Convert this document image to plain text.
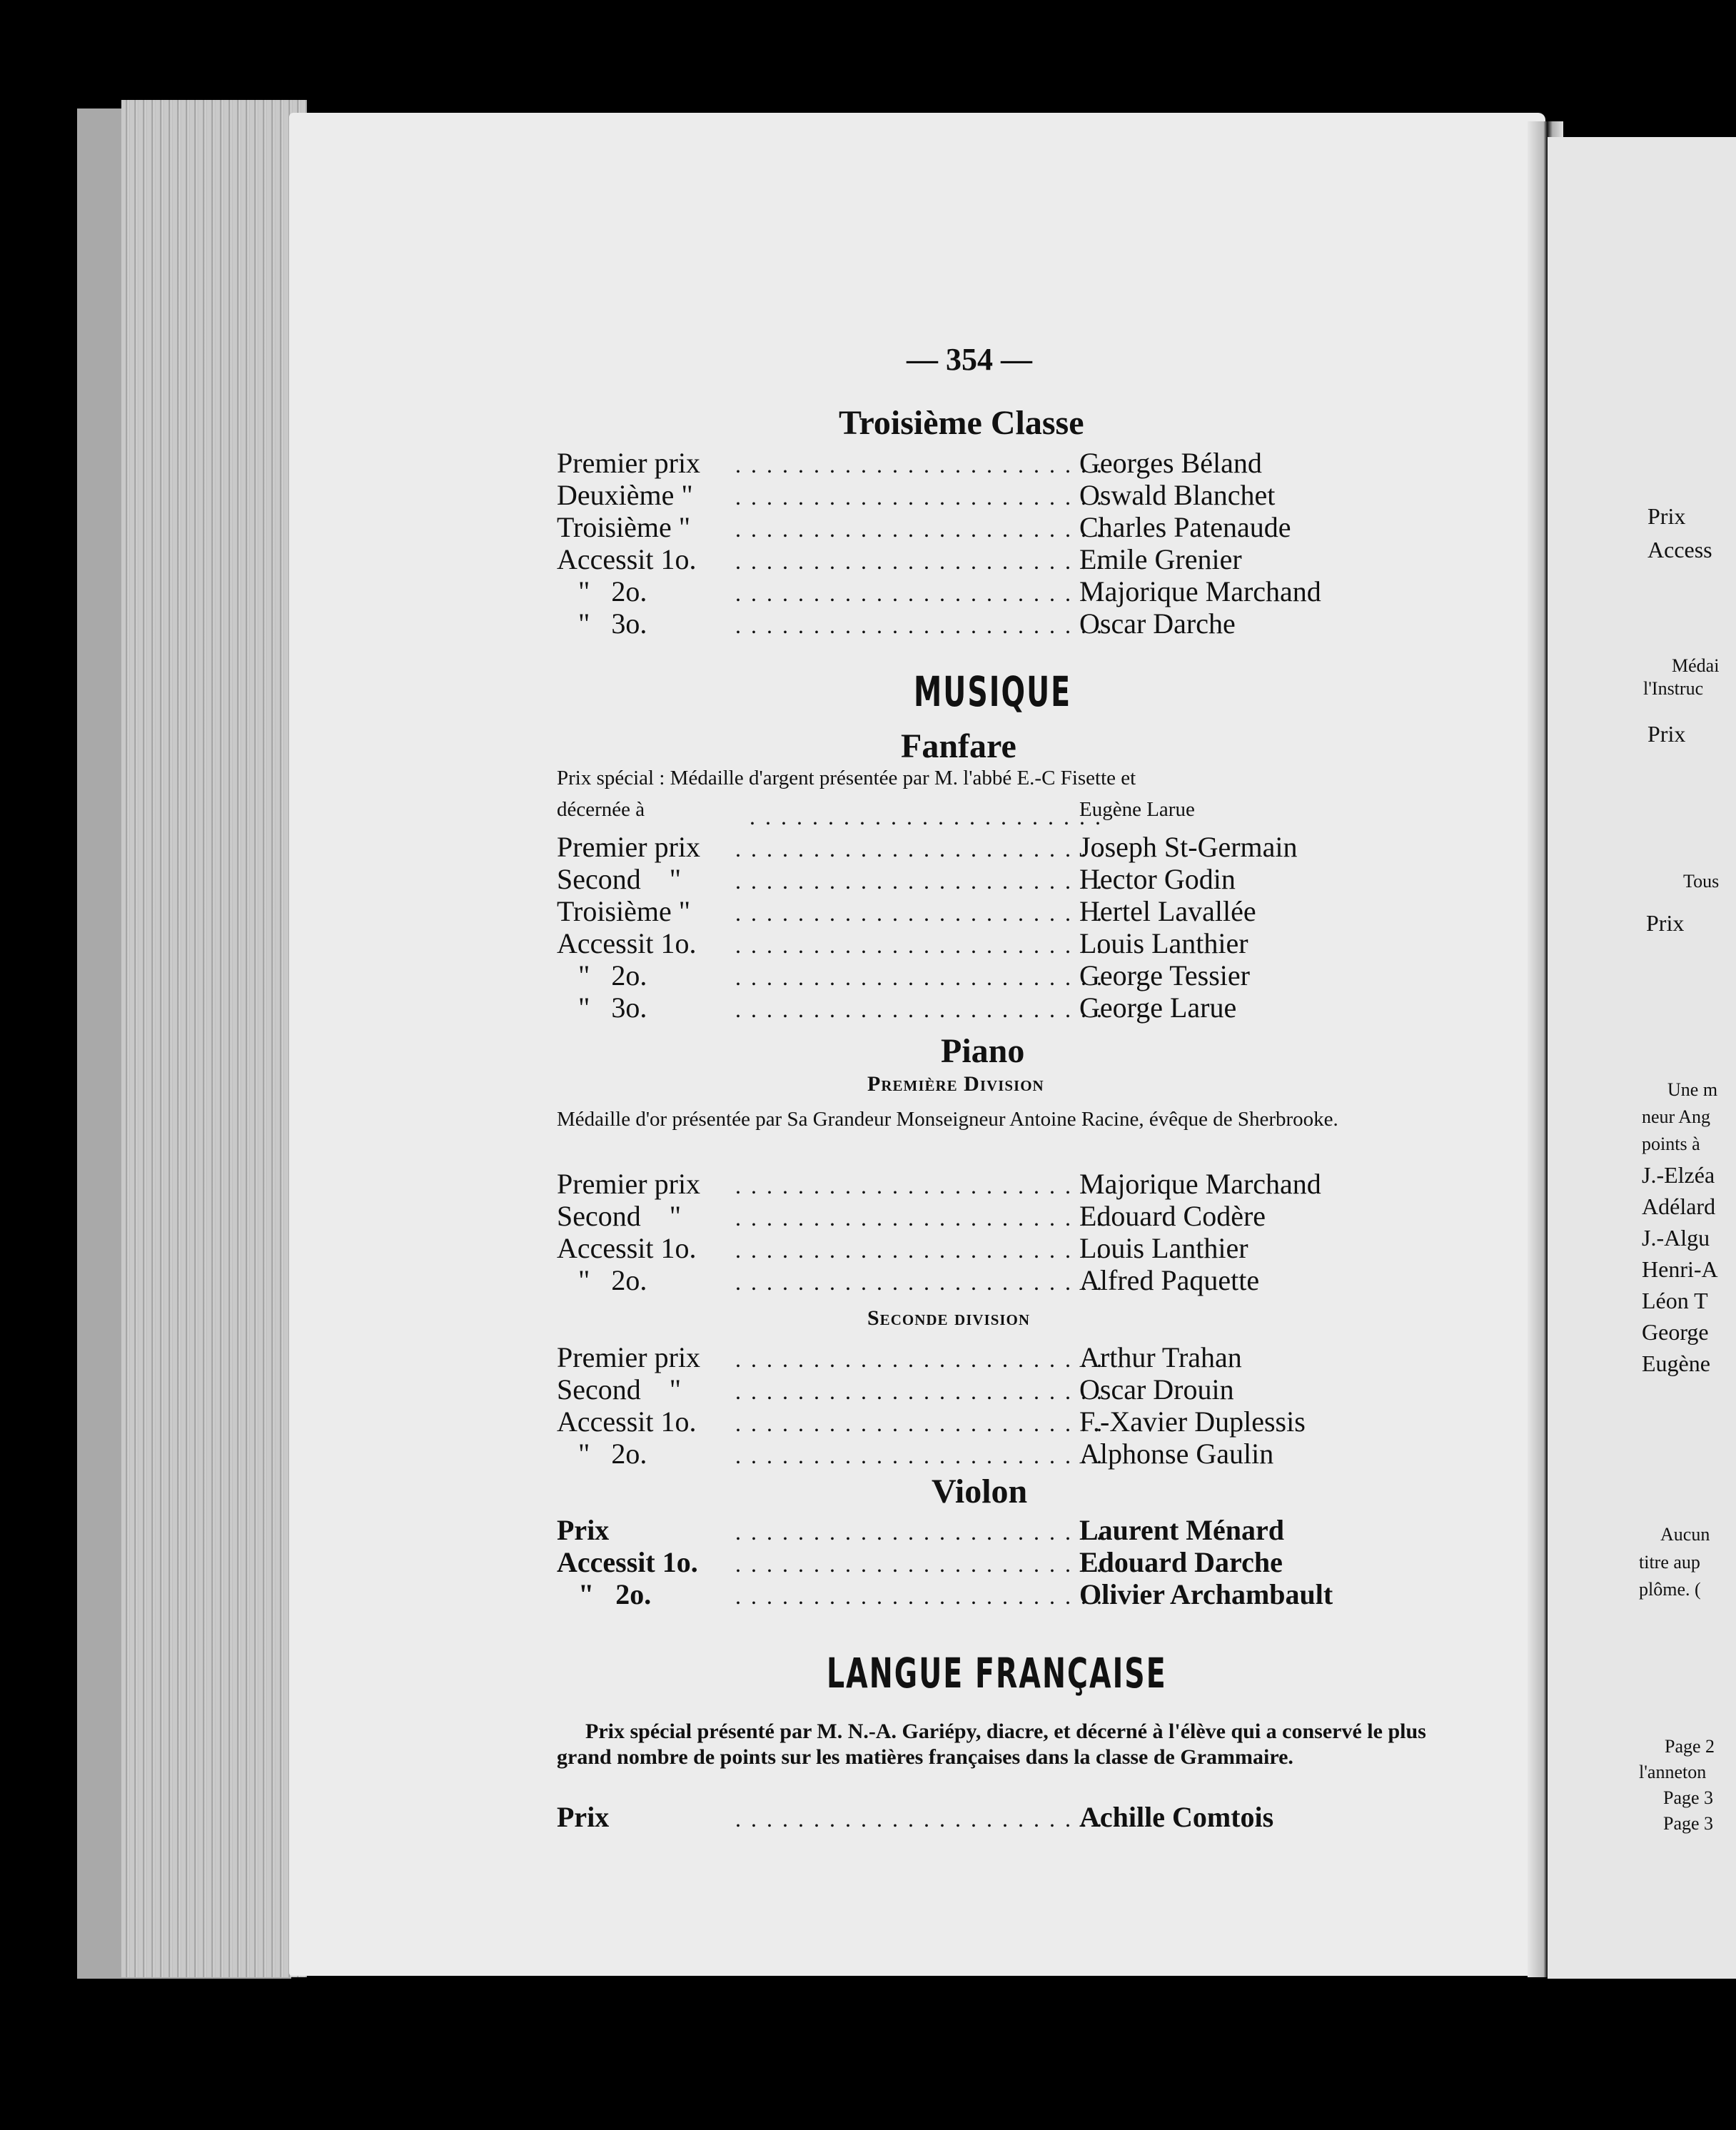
— 354 —
Troisième Classe
Premier prix . . .	Georges Béland
Deuxième " . . .	Oswald Blanchet
Troisième " . . .	Charles Patenaude
Accessit 1o. . . .	Emile Grenier
"   2o. . . .	Majorique Marchand
"   3o. . . .	Oscar Darche
MUSIQUE
Fanfare
Prix spécial : Médaille d'argent présentée par M. l'abbé E.-C Fisette et
décernée à . . .	Eugène Larue
Premier prix . . .	Joseph St-Germain
Second    " . . .	Hector Godin
Troisième " . . .	Hertel Lavallée
Accessit 1o. . . .	Louis Lanthier
"   2o. . . .	George Tessier
"   3o. . . .	George Larue
Piano
Première Division
Médaille d'or présentée par Sa Grandeur Monseigneur Antoine Racine, évêque de Sherbrooke.
Premier prix . . .	Majorique Marchand
Second    " . . .	Edouard Codère
Accessit 1o. . . .	Louis Lanthier
"   2o. . . .	Alfred Paquette
Seconde division
Premier prix . . .	Arthur Trahan
Second    " . . .	Oscar Drouin
Accessit 1o. . . .	F.-Xavier Duplessis
"   2o. . . .	Alphonse Gaulin
Violon
Prix . . .	Laurent Ménard
Accessit 1o. . . .	Edouard Darche
"   2o. . . .	Olivier Archambault
LANGUE FRANÇAISE
Prix spécial présenté par M. N.-A. Gariépy, diacre, et décerné à l'élève qui a conservé le plus grand nombre de points sur les matières françaises dans la classe de Grammaire.
Prix . . .	Achille Comtois
Prix
Access
Médai
l'Instruc
Prix
Tous
Prix
Une m
neur Ang
points à
J.-Elzéa
Adélard
J.-Algu
Henri-A
Léon T
George
Eugène
Aucun
titre aup
plôme. (
Page 2
l'anneton
Page 3
Page 3
